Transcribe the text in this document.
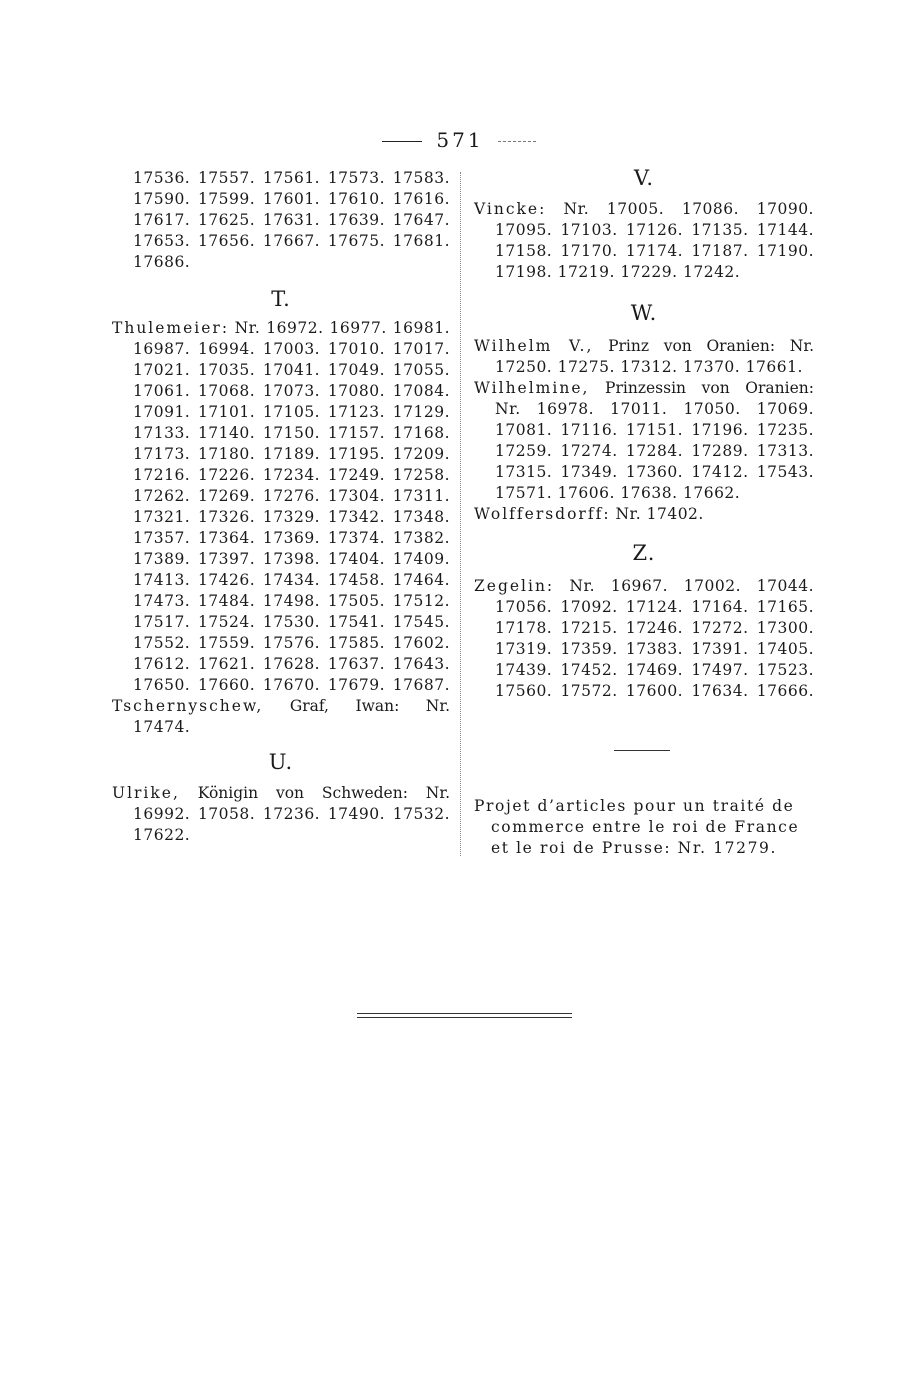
571

17536. 17557. 17561. 17573. 17583.

17590. 17599. 17601. 17610. 17616.

17617. 17625. 17631. 17639. 17647.

17653. 17656. 17667. 17675. 17681.

17686.

T.

Thulemeier: Nr. 16972. 16977. 16981.

16987. 16994. 17003. 17010. 17017.

17021. 17035. 17041. 17049. 17055.

17061. 17068. 17073. 17080. 17084.

17091. 17101. 17105. 17123. 17129.

17133. 17140. 17150. 17157. 17168.

17173. 17180. 17189. 17195. 17209.

17216. 17226. 17234. 17249. 17258.

17262. 17269. 17276. 17304. 17311.

17321. 17326. 17329. 17342. 17348.

17357. 17364. 17369. 17374. 17382.

17389. 17397. 17398. 17404. 17409.

17413. 17426. 17434. 17458. 17464.

17473. 17484. 17498. 17505. 17512.

17517. 17524. 17530. 17541. 17545.

17552. 17559. 17576. 17585. 17602.

17612. 17621. 17628. 17637. 17643.

17650. 17660. 17670. 17679. 17687.

Tschernyschew, Graf, Iwan: Nr.

17474.

U.

Ulrike, Königin von Schweden: Nr.

16992. 17058. 17236. 17490. 17532.

17622.

V.

Vincke: Nr. 17005. 17086. 17090.

17095. 17103. 17126. 17135. 17144.

17158. 17170. 17174. 17187. 17190.

17198. 17219. 17229. 17242.

W.

Wilhelm V., Prinz von Oranien: Nr.

17250. 17275. 17312. 17370. 17661.

Wilhelmine, Prinzessin von Oranien:

Nr. 16978. 17011. 17050. 17069.

17081. 17116. 17151. 17196. 17235.

17259. 17274. 17284. 17289. 17313.

17315. 17349. 17360. 17412. 17543.

17571. 17606. 17638. 17662.

Wolffersdorff: Nr. 17402.

Z.

Zegelin: Nr. 16967. 17002. 17044.

17056. 17092. 17124. 17164. 17165.

17178. 17215. 17246. 17272. 17300.

17319. 17359. 17383. 17391. 17405.

17439. 17452. 17469. 17497. 17523.

17560. 17572. 17600. 17634. 17666.

Projet d’articles pour un traité de

commerce entre le roi de France

et le roi de Prusse: Nr. 17279.
